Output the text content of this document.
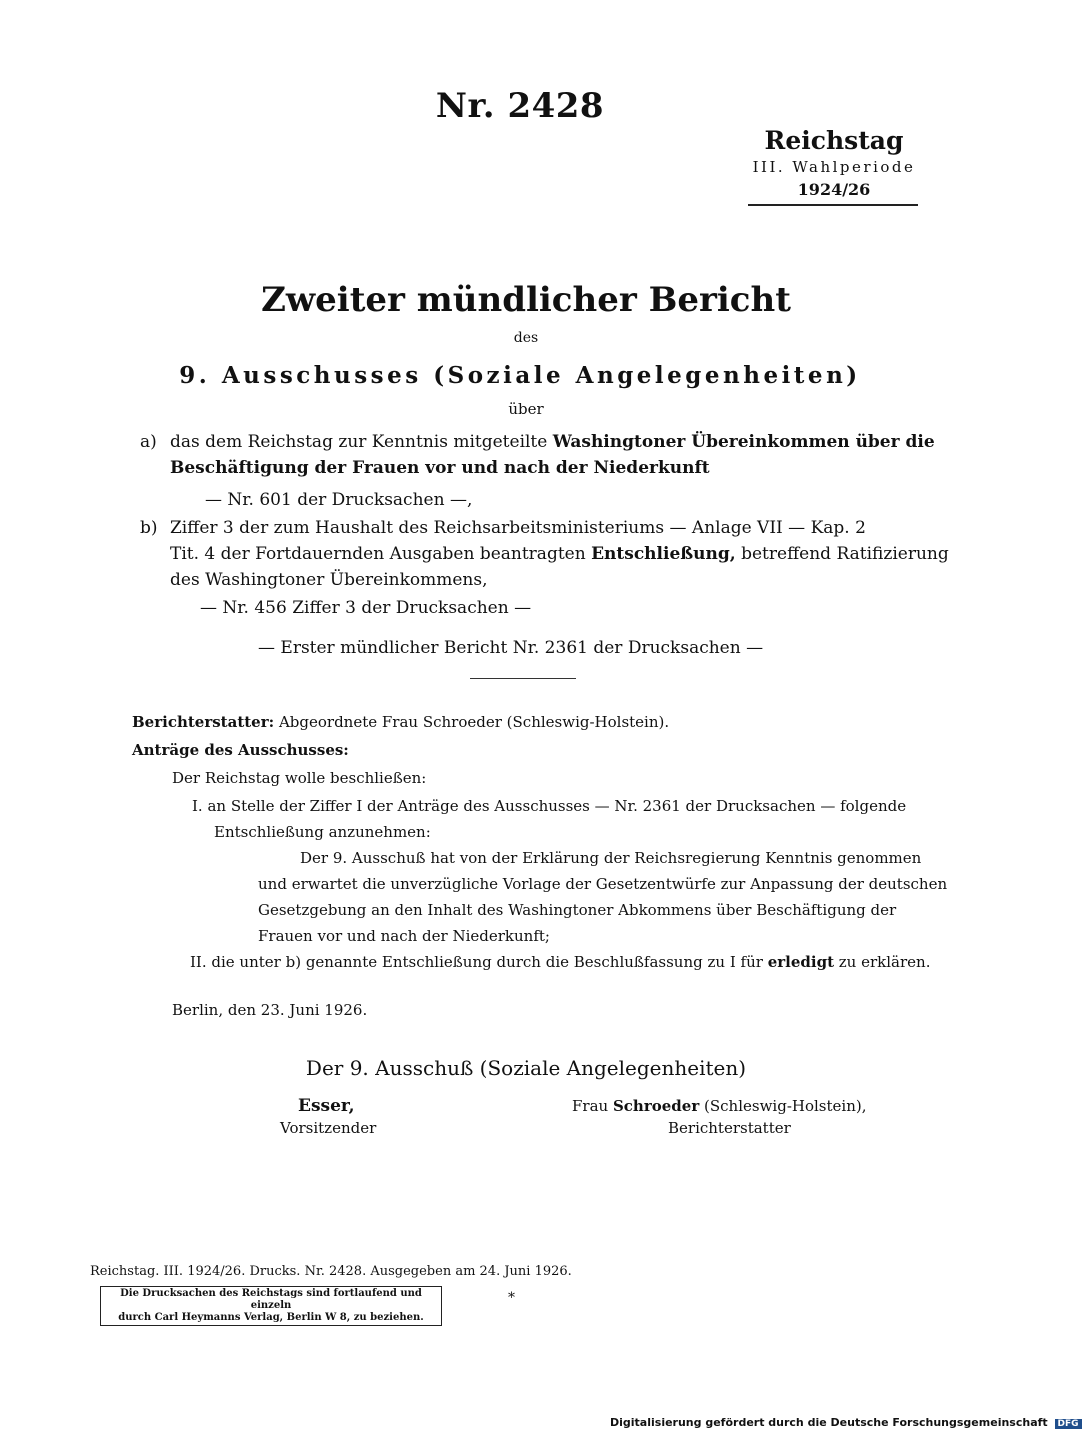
Nr. 2428
Reichstag
III. Wahlperiode
1924/26
Zweiter mündlicher Bericht
des
9. Ausschusses (Soziale Angelegenheiten)
über
a) das dem Reichstag zur Kenntnis mitgeteilte Washingtoner Übereinkommen über die
Beschäftigung der Frauen vor und nach der Niederkunft
— Nr. 601 der Drucksachen —,
b) Ziffer 3 der zum Haushalt des Reichsarbeitsministeriums — Anlage VII — Kap. 2
Tit. 4 der Fortdauernden Ausgaben beantragten Entschließung, betreffend Ratifizierung
des Washingtoner Übereinkommens,
— Nr. 456 Ziffer 3 der Drucksachen —
— Erster mündlicher Bericht Nr. 2361 der Drucksachen —
Berichterstatter: Abgeordnete Frau Schroeder (Schleswig-Holstein).
Anträge des Ausschusses:
Der Reichstag wolle beschließen:
I. an Stelle der Ziffer I der Anträge des Ausschusses — Nr. 2361 der Drucksachen — folgende
Entschließung anzunehmen:
Der 9. Ausschuß hat von der Erklärung der Reichsregierung Kenntnis genommen
und erwartet die unverzügliche Vorlage der Gesetzentwürfe zur Anpassung der deutschen
Gesetzgebung an den Inhalt des Washingtoner Abkommens über Beschäftigung der
Frauen vor und nach der Niederkunft;
II. die unter b) genannte Entschließung durch die Beschlußfassung zu I für erledigt zu erklären.
Berlin, den 23. Juni 1926.
Der 9. Ausschuß (Soziale Angelegenheiten)
Esser,
Vorsitzender
Frau Schroeder (Schleswig-Holstein),
Berichterstatter
Reichstag. III. 1924/26. Drucks. Nr. 2428. Ausgegeben am 24. Juni 1926.
Die Drucksachen des Reichstags sind fortlaufend und einzeln
durch Carl Heymanns Verlag, Berlin W 8, zu beziehen.
*
Digitalisierung gefördert durch die Deutsche Forschungsgemeinschaft DFG
